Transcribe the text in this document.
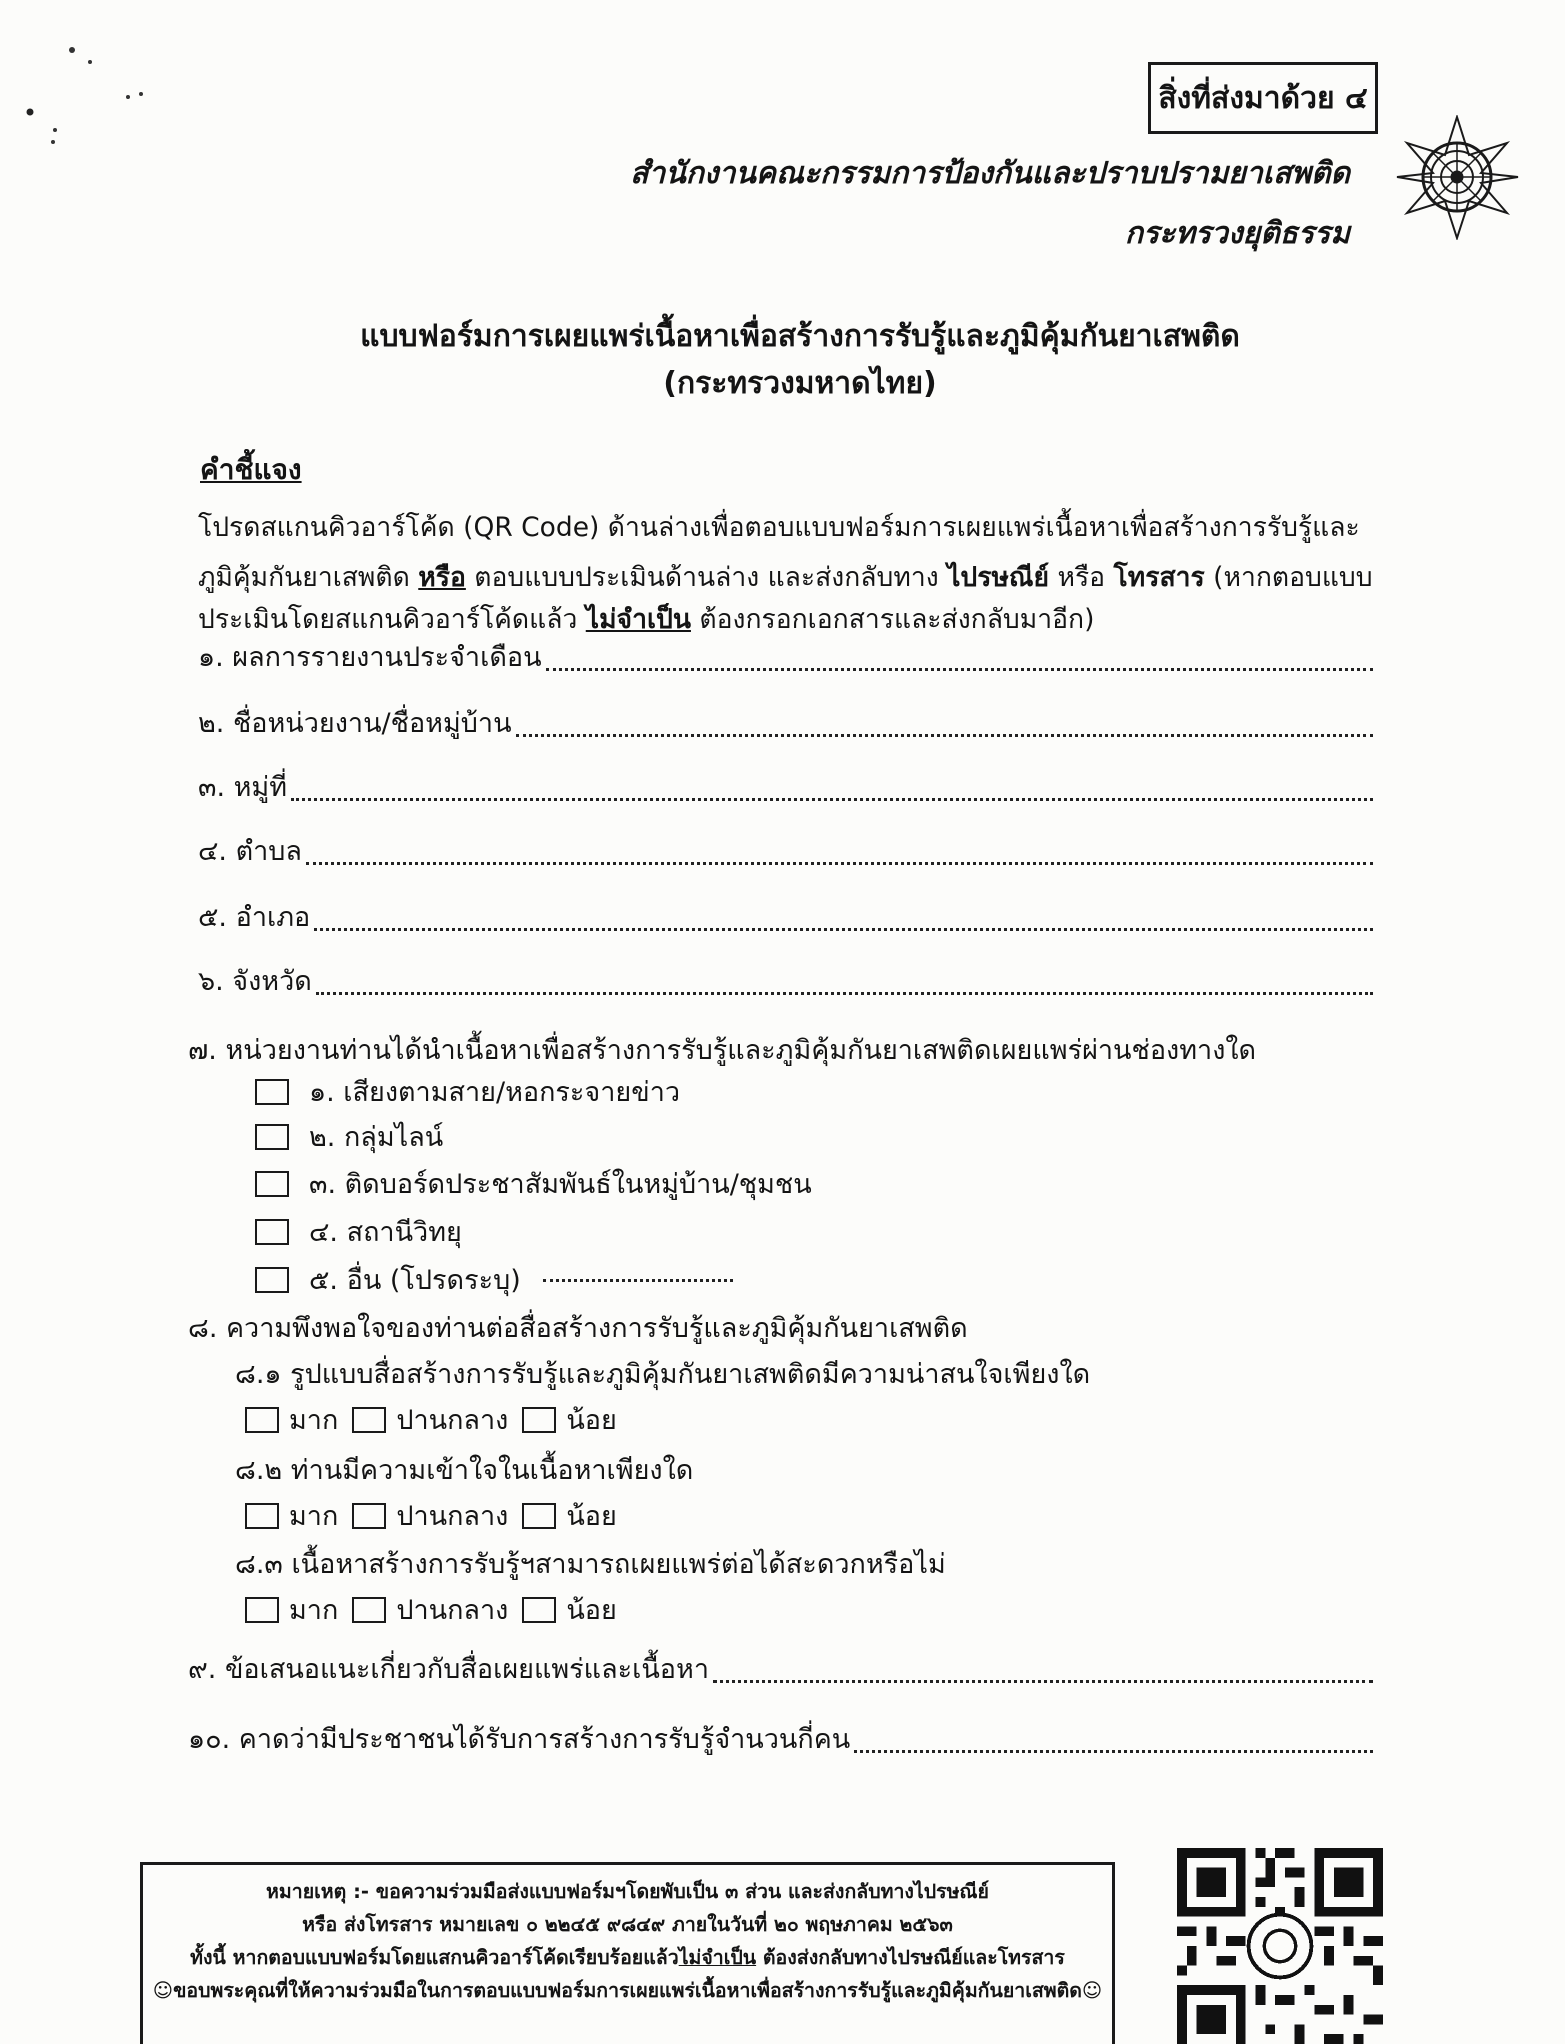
สิ่งที่ส่งมาด้วย ๔
สำนักงานคณะกรรมการป้องกันและปราบปรามยาเสพติด
กระทรวงยุติธรรม
แบบฟอร์มการเผยแพร่เนื้อหาเพื่อสร้างการรับรู้และภูมิคุ้มกันยาเสพติด
(กระทรวงมหาดไทย)
คำชี้แจง
โปรดสแกนคิวอาร์โค้ด (QR Code) ด้านล่างเพื่อตอบแบบฟอร์มการเผยแพร่เนื้อหาเพื่อสร้างการรับรู้และ
ภูมิคุ้มกันยาเสพติด หรือ ตอบแบบประเมินด้านล่าง และส่งกลับทาง ไปรษณีย์ หรือ โทรสาร (หากตอบแบบ
ประเมินโดยสแกนคิวอาร์โค้ดแล้ว ไม่จำเป็น ต้องกรอกเอกสารและส่งกลับมาอีก)
๑. ผลการรายงานประจำเดือน
๒. ชื่อหน่วยงาน/ชื่อหมู่บ้าน
๓. หมู่ที่
๔. ตำบล
๕. อำเภอ
๖. จังหวัด
๗. หน่วยงานท่านได้นำเนื้อหาเพื่อสร้างการรับรู้และภูมิคุ้มกันยาเสพติดเผยแพร่ผ่านช่องทางใด
๑. เสียงตามสาย/หอกระจายข่าว
๒. กลุ่มไลน์
๓. ติดบอร์ดประชาสัมพันธ์ในหมู่บ้าน/ชุมชน
๔. สถานีวิทยุ
๕. อื่น (โปรดระบุ)
๘. ความพึงพอใจของท่านต่อสื่อสร้างการรับรู้และภูมิคุ้มกันยาเสพติด
๘.๑ รูปแบบสื่อสร้างการรับรู้และภูมิคุ้มกันยาเสพติดมีความน่าสนใจเพียงใด
มาก ปานกลาง น้อย
๘.๒ ท่านมีความเข้าใจในเนื้อหาเพียงใด
มาก ปานกลาง น้อย
๘.๓ เนื้อหาสร้างการรับรู้ฯสามารถเผยแพร่ต่อได้สะดวกหรือไม่
มาก ปานกลาง น้อย
๙. ข้อเสนอแนะเกี่ยวกับสื่อเผยแพร่และเนื้อหา
๑๐. คาดว่ามีประชาชนได้รับการสร้างการรับรู้จำนวนกี่คน
หมายเหตุ :- ขอความร่วมมือส่งแบบฟอร์มฯโดยพับเป็น ๓ ส่วน และส่งกลับทางไปรษณีย์
หรือ ส่งโทรสาร หมายเลข ๐ ๒๒๔๕ ๙๘๔๙ ภายในวันที่ ๒๐ พฤษภาคม ๒๕๖๓
ทั้งนี้ หากตอบแบบฟอร์มโดยแสกนคิวอาร์โค้ดเรียบร้อยแล้วไม่จำเป็น ต้องส่งกลับทางไปรษณีย์และโทรสาร
☺ขอบพระคุณที่ให้ความร่วมมือในการตอบแบบฟอร์มการเผยแพร่เนื้อหาเพื่อสร้างการรับรู้และภูมิคุ้มกันยาเสพติด☺
